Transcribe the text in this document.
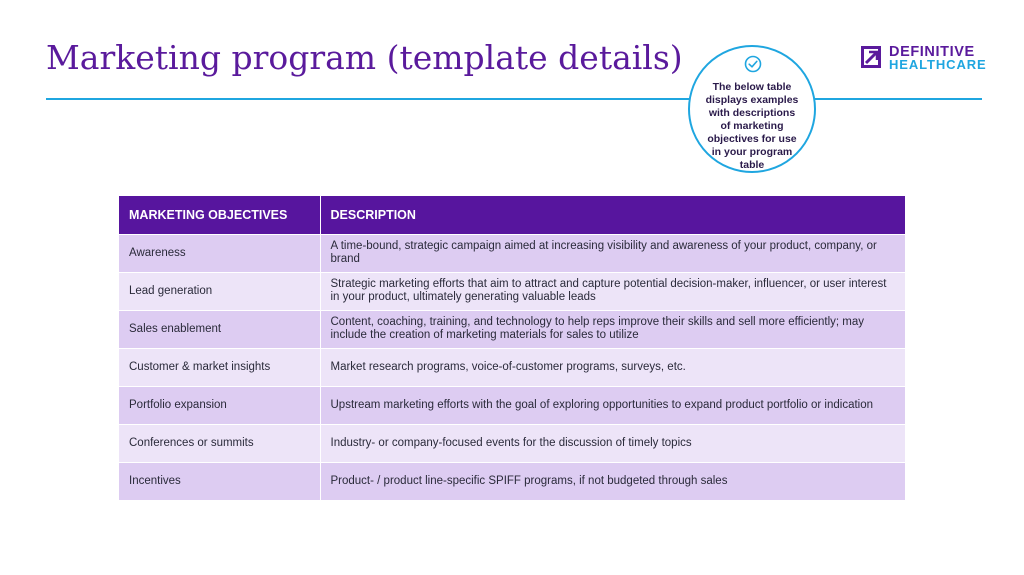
Marketing program (template details)
The below table displays examples with descriptions of marketing objectives for use in your program table
DEFINITIVE
HEALTHCARE
MARKETING OBJECTIVES	DESCRIPTION
Awareness	A time-bound, strategic campaign aimed at increasing visibility and awareness of your product, company, or brand
Lead generation	Strategic marketing efforts that aim to attract and capture potential decision-maker, influencer, or user interest in your product, ultimately generating valuable leads
Sales enablement	Content, coaching, training, and technology to help reps improve their skills and sell more efficiently; may include the creation of marketing materials for sales to utilize
Customer & market insights	Market research programs, voice-of-customer programs, surveys, etc.
Portfolio expansion	Upstream marketing efforts with the goal of exploring opportunities to expand product portfolio or indication
Conferences or summits	Industry- or company-focused events for the discussion of timely topics
Incentives	Product- / product line-specific SPIFF programs, if not budgeted through sales
